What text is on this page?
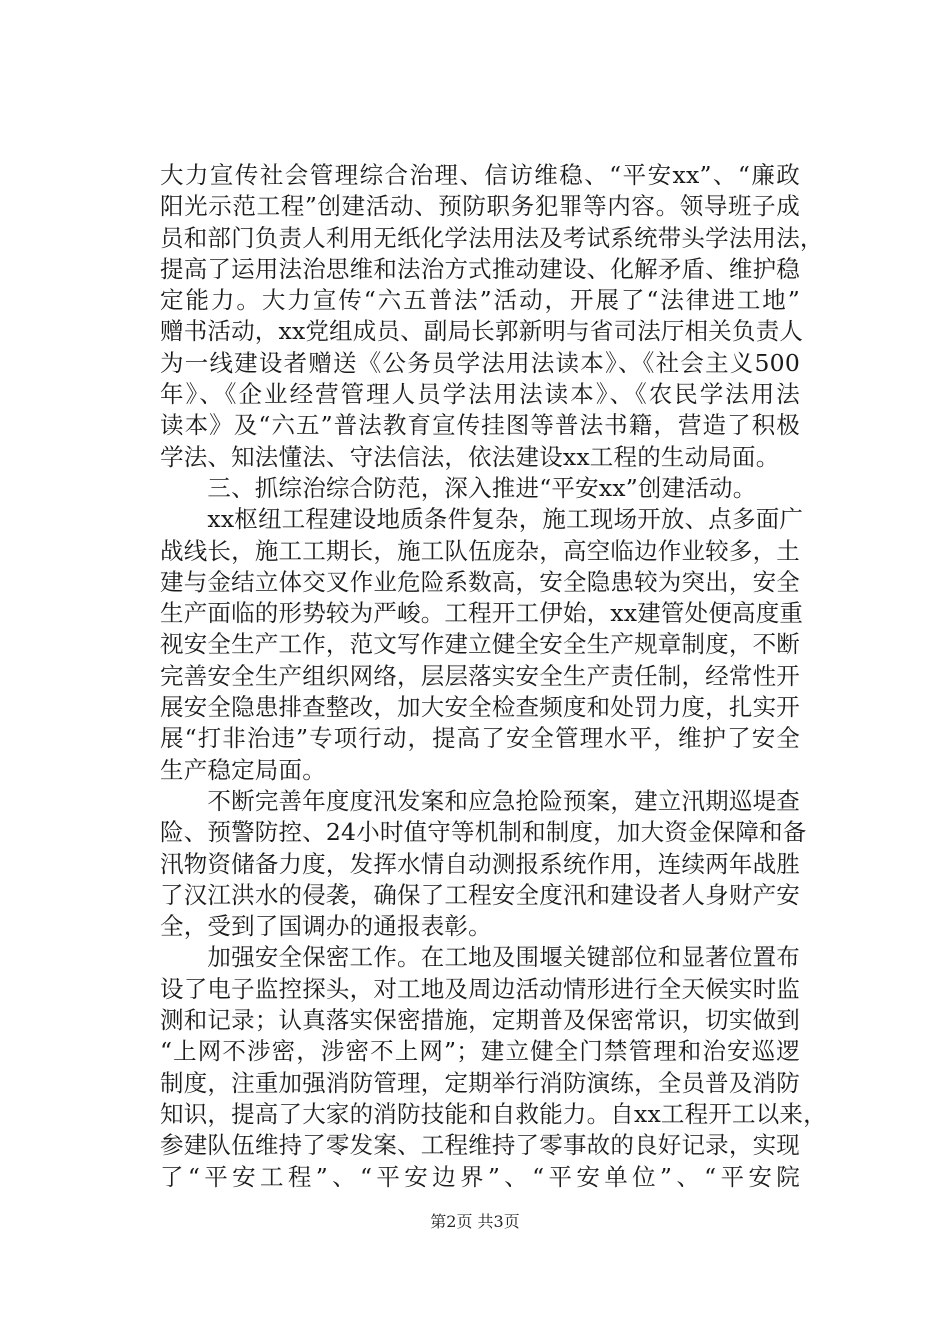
大力宣传社会管理综合治理、信访维稳、“平安xx”、“廉政
阳光示范工程”创建活动、预防职务犯罪等内容。领导班子成
员和部门负责人利用无纸化学法用法及考试系统带头学法用法，
提高了运用法治思维和法治方式推动建设、化解矛盾、维护稳
定能力。大力宣传“六五普法”活动，开展了“法律进工地”
赠书活动，xx党组成员、副局长郭新明与省司法厅相关负责人
为一线建设者赠送《公务员学法用法读本》、《社会主义500
年》、《企业经营管理人员学法用法读本》、《农民学法用法
读本》及“六五”普法教育宣传挂图等普法书籍，营造了积极
学法、知法懂法、守法信法，依法建设xx工程的生动局面。
　　三、抓综治综合防范，深入推进“平安xx”创建活动。
　　xx枢纽工程建设地质条件复杂，施工现场开放、点多面广
战线长，施工工期长，施工队伍庞杂，高空临边作业较多，土
建与金结立体交叉作业危险系数高，安全隐患较为突出，安全
生产面临的形势较为严峻。工程开工伊始，xx建管处便高度重
视安全生产工作，范文写作建立健全安全生产规章制度，不断
完善安全生产组织网络，层层落实安全生产责任制，经常性开
展安全隐患排查整改，加大安全检查频度和处罚力度，扎实开
展“打非治违”专项行动，提高了安全管理水平，维护了安全
生产稳定局面。
　　不断完善年度度汛发案和应急抢险预案，建立汛期巡堤查
险、预警防控、24小时值守等机制和制度，加大资金保障和备
汛物资储备力度，发挥水情自动测报系统作用，连续两年战胜
了汉江洪水的侵袭，确保了工程安全度汛和建设者人身财产安
全，受到了国调办的通报表彰。
　　加强安全保密工作。在工地及围堰关键部位和显著位置布
设了电子监控探头，对工地及周边活动情形进行全天候实时监
测和记录；认真落实保密措施，定期普及保密常识，切实做到
“上网不涉密，涉密不上网”；建立健全门禁管理和治安巡逻
制度，注重加强消防管理，定期举行消防演练，全员普及消防
知识，提高了大家的消防技能和自救能力。自xx工程开工以来，
参建队伍维持了零发案、工程维持了零事故的良好记录，实现
了“平安工程”、“平安边界”、“平安单位”、“平安院
第2页 共3页
